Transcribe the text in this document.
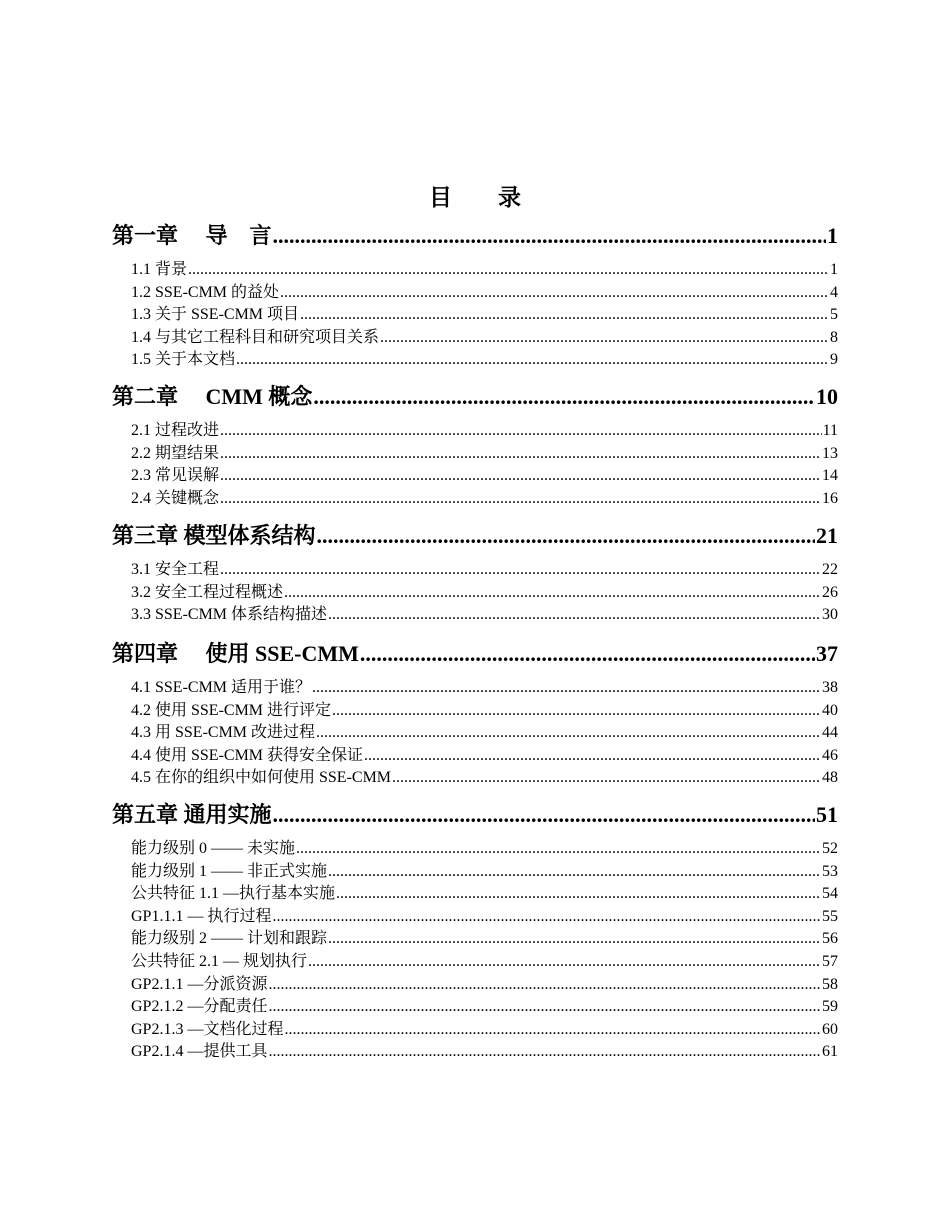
目　　录
第一章　 导　言 .....	1
1.1 背景 .....	1
1.2 SSE-CMM 的益处 .....	4
1.3 关于 SSE-CMM 项目 .....	5
1.4 与其它工程科目和研究项目关系 .....	8
1.5 关于本文档 .....	9
第二章　 CMM 概念 .....	10
2.1 过程改进 .....	11
2.2 期望结果 .....	13
2.3 常见误解 .....	14
2.4 关键概念 .....	16
第三章 模型体系结构 .....	21
3.1 安全工程 .....	22
3.2 安全工程过程概述 .....	26
3.3 SSE-CMM 体系结构描述 .....	30
第四章　 使用 SSE-CMM .....	37
4.1 SSE-CMM 适用于谁？ .....	38
4.2 使用 SSE-CMM 进行评定 .....	40
4.3 用 SSE-CMM 改进过程 .....	44
4.4 使用 SSE-CMM 获得安全保证 .....	46
4.5 在你的组织中如何使用 SSE-CMM .....	48
第五章 通用实施 .....	51
能力级别 0 —— 未实施 .....	52
能力级别 1 —— 非正式实施 .....	53
公共特征 1.1 —执行基本实施 .....	54
GP1.1.1 — 执行过程 .....	55
能力级别 2 —— 计划和跟踪 .....	56
公共特征 2.1 — 规划执行 .....	57
GP2.1.1 —分派资源 .....	58
GP2.1.2 —分配责任 .....	59
GP2.1.3 —文档化过程 .....	60
GP2.1.4 —提供工具 .....	61
